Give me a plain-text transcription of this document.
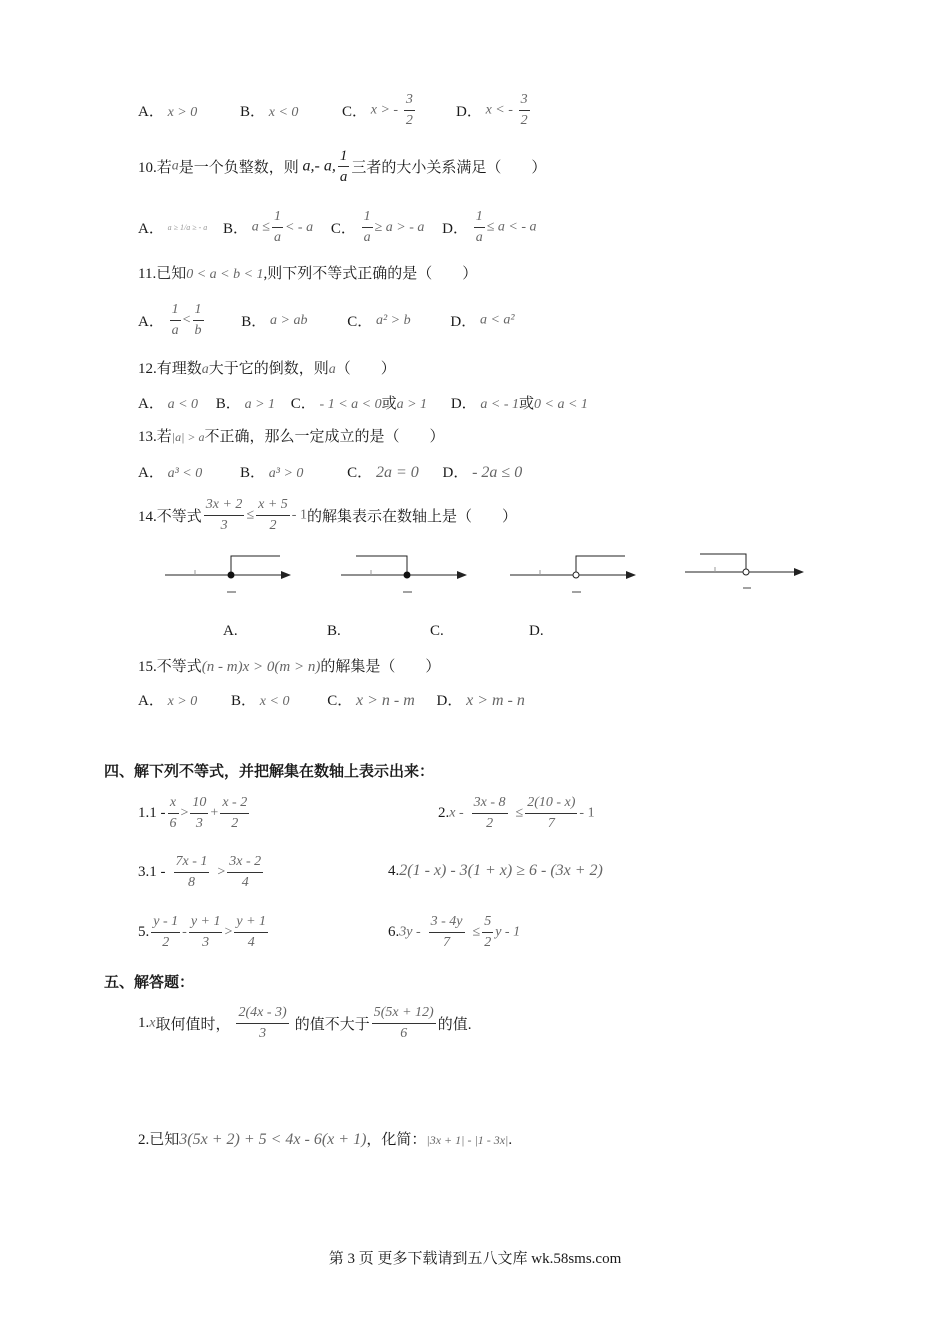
A． x > 0	B． x < 0	C． x > - $\frac{3}{2}$	D． x < - $\frac{3}{2}$
10.若a是一个负整数，则 a,- a, $\frac{1}{a}$ 三者的大小关系满足（　　）
A． a ≥ 1/a ≥ - a B． $a \le \frac{1}{a}$ < - a C． $\frac{1}{a} \ge a$ > - a D． $\frac{1}{a} \le a$ < - a
11.已知0 < a < b < 1,则下列不等式正确的是（　　）
A． $\frac{1}{a} < \frac{1}{b}$	B． a > ab	C． a² > b	D． a < a²
12.有理数a大于它的倒数，则a（　　）
A． a < 0 B． a > 1 C． - 1 < a < 0或a > 1 D． a < - 1或0 < a < 1
13.若|a| > a不正确，那么一定成立的是（　　）
A． a³ < 0	B． a³ > 0	C． 2a = 0 D． - 2a ≤ 0
14.不等式 $\frac{3x + 2}{3} \le \frac{x + 5}{2} - 1$的解集表示在数轴上是（　　）
A.	B.	C.	D.
15.不等式(n - m)x > 0(m > n)的解集是（　　）
A． x > 0 B． x < 0	C． x > n - m D． x > m - n
四、解下列不等式，并把解集在数轴上表示出来：
$1.1 - \frac{x}{6} > \frac{10}{3} + \frac{x - 2}{2}$	$2.x - \frac{3x - 8}{2} \le \frac{2(10 - x)}{7} - 1$
$3.1 - \frac{7x - 1}{8} > \frac{3x - 2}{4}$	4.2(1 - x) - 3(1 + x) ≥ 6 - (3x + 2)
5. $\frac{y - 1}{2} - \frac{y + 1}{3} > \frac{y + 1}{4}$	$6.3y - \frac{3 - 4y}{7} \le \frac{5}{2}$ y - 1
五、解答题：
1.x取何值时， $\frac{2(4x - 3)}{3}$ 的值不大于 $\frac{5(5x + 12)}{6}$ 的值.
2.已知3(5x + 2) + 5 < 4x - 6(x + 1)，化简：|3x + 1| - |1 - 3x|.
第 3 页 更多下载请到五八文库 wk.58sms.com
